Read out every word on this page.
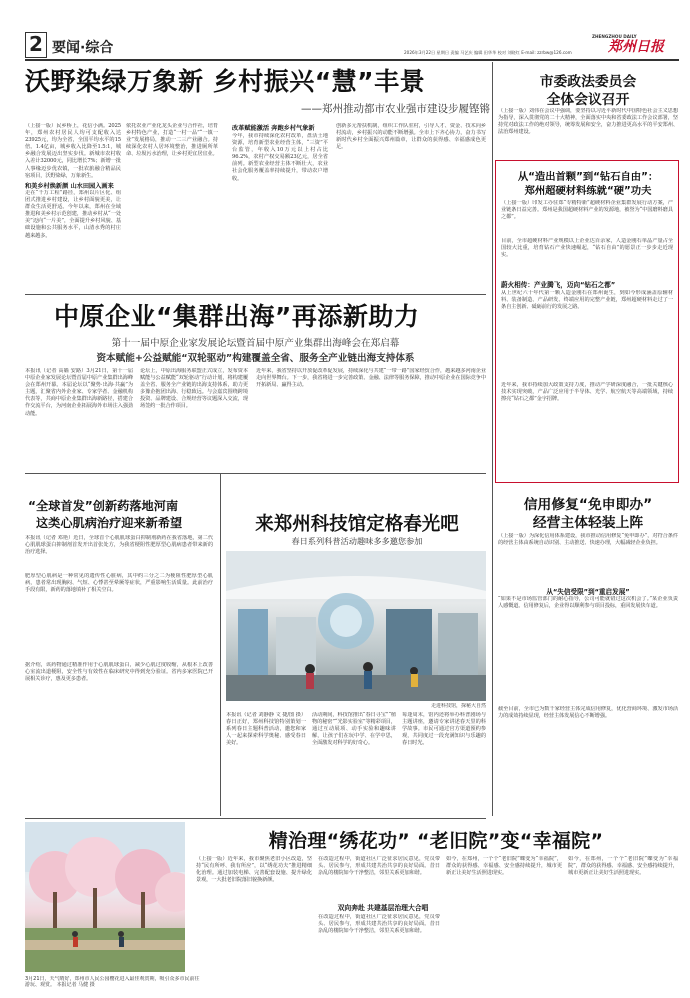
2 要闻·综合	2026年3月22日 星期日 责编 马艺庆 编辑 田华华 校对 刘晓红 E-mail: zzrbw@126.com
ZHENGZHOU DAILY
郑州日报
沃野染绿万象新 乡村振兴“慧”丰景
——郑州推动都市农业强市建设步履铿锵
（上接一版）民乡桥上，花信小满。2025年，郑州农村居民人均可支配收入达23925元，均为全省，全国平均水平的15倍。1.4亿亩，城乡收入比降至1.5:1，城乡融合发展迈出坚实步伐。新城市农村收入差计32000元，同比增长7%；新增一批人事缘迈步优农镇，一批农旅融合精品民宿项目，沃野染绿，万象新生。
和美乡村焕新颜 山水田园入画来
走在“千万工程”路径，郑州以片区化、组团式推进乡村建设，让乡村面貌更美，让群众生活更舒适。今年以来，郑州在全域推进和美乡村示范创建，推动乡村从“一处美”迈向“一片美”，全面提升乡村风貌、基础设施和公共服务水平，山清水秀的村庄越来越多。
依托农业产业化龙头企业与合作社，培育乡村特色产业，打造“一村一品”“一镇一业”发展格局，推动一二三产业融合。持续深化农村人居环境整治，推进厕所革命、垃圾污水治理，让乡村更宜居宜业。
改革赋能激活 奔跑乡村气象新
今年，我市持续深化农村改革，盘活土地资源，培育新型农业经营主体，“三资”平台监管，年收入10万元以上村占比96.2%，农村产权交易额23亿元，居全省前列。新型农业经营主体不断壮大，农业社会化服务覆盖率持续提升，带动农户增收。
创新多元帮扶机制，组织工作队驻村，引导人才、资金、技术向乡村流动，乡村振兴的动能不断增强。全市上下齐心协力，奋力书写新时代乡村全面振兴郑州篇章，让群众的获得感、幸福感成色更足。
中原企业“集群出海”再添新助力
第十一届中原企业家发展论坛暨首届中原产业集群出海峰会在郑启幕
资本赋能+公益赋能“双轮驱动”构建覆盖全省、服务全产业链出海支持体系
本报讯（记者 高嫱 安路）3月21日，第十一届中原企业家发展论坛暨首届中原产业集群出海峰会在郑州开幕。本届论坛以“聚势·出海·共赢”为主题，汇聚省内外企业家、专家学者、金融机构代表等，共商中原企业集群出海新路径，搭建合作交流平台，为河南企业拓展海外市场注入强劲动能。
论坛上，中原出海服务联盟正式成立，发布资本赋能与公益赋能“双轮驱动”行动计划，将构建覆盖全省、服务全产业链的出海支持体系，助力更多豫企抱团出海、行稳致远。与会嘉宾围绕跨境投资、品牌建设、合规经营等议题深入交流，现场签约一批合作项目。
近年来，我省坚持以开放促改革促发展，持续深化与共建“一带一路”国家经贸合作，越来越多河南企业走向世界舞台。下一步，我省将进一步完善政策、金融、法律等服务保障，推动中原企业在国际竞争中开拓新局、赢得主动。
“全球首发”创新药落地河南
这类心肌病治疗迎来新希望
本报讯（记者 邓艳）近日，全球首个心肌肌球蛋白抑制剂新药在我省落地，第二代心肌肌球蛋白抑制剂首发开出首张处方，为我省梗阻性肥厚型心肌病患者带来新的治疗选择。
肥厚型心肌病是一种常见的遗传性心脏病，其中约三分之二为梗阻性肥厚型心肌病，患者常出现胸闷、气短、心悸甚至晕厥等症状，严重影响生活质量。此前治疗手段有限，新药的落地填补了相关空白。
据介绍，该药物通过精准作用于心肌肌球蛋白，减少心肌过度收缩，从根本上改善心室流出道梗阻，安全性与有效性在临床研究中得到充分验证。省内多家医院已开展相关诊疗，惠及更多患者。
来郑州科技馆定格春光吧
春日系列科普活动趣味多多邀您参加
走进科技馆，探秘大自然
本报讯（记者 刘静静 文 捷/图 摄）春日正好，郑州科技馆特别策划一系列春日主题科普活动，邀您和家人一起来探索科学奥秘、感受春日美好。
活动期间，科技馆推出“春日寻宝”“植物的秘密”“光影实验室”等精彩项目，通过互动展项、动手实验和趣味讲解，让孩子们在玩中学、在学中思，全面激发对科学的好奇心。
每逢周末，馆内还将举办科普剧场与主题讲座，邀请专家讲述春天里的科学故事。市民可通过官方渠道预约参观，共同度过一段充满知识与乐趣的春日时光。
市委政法委员会
全体会议召开
（上接一版）刘伟在会议中强调，要坚持以习近平新时代中国特色社会主义思想为指导，深入贯彻党的二十大精神，全面落实中央和省委政法工作会议部署，坚持党对政法工作的绝对领导，统筹发展和安全，奋力推进更高水平的平安郑州、法治郑州建设。
从“造出首颗”到“钻石自由”：
郑州超硬材料练就“硬”功夫
（上接一版）印发工办驻郑“专精特新”超硬材料企业集群发展行动方案，产业链条日益完善。郑州是我国超硬材料产业的发源地，被誉为“中国磨料磨具之都”。
目前，全市超硬材料产业规模以上企业达百余家，人造金刚石单晶产量占全国较大比重，培育钻石产业快速崛起，“钻石自由”的愿景正一步步走近现实。
蔚火相传：产业腾飞，迈向“钻石之都”
从上世纪六十年代第一颗人造金刚石在郑州诞生，到如今形成涵盖原辅材料、装备制造、产品研发、终端应用的完整产业链，郑州超硬材料走过了一条自主创新、砥砺前行的发展之路。
近年来，我市持续加大政策支持力度，推动产学研深度融合，一批关键核心技术实现突破，产品广泛应用于半导体、光学、航空航天等高端领域，持续擦亮“钻石之都”金字招牌。
信用修复“免申即办”
经营主体轻装上阵
（上接一版）为深化信用体系建设，我市推动信用修复“免申即办”，对符合条件的经营主体由系统自动识别、主动推送、快速办理，大幅减轻企业负担。
从“失信受限”到“重启发展”
“如果不是市场监管部门的耐心指导，公司可能就错过这次机会了。”某企业负责人感慨道。信用修复后，企业得以顺利参与项目投标，重回发展快车道。
截至目前，全市已为数千家经营主体完成信用修复，优化营商环境、激发市场活力的成效持续显现，经营主体发展信心不断增强。
3月21日，天气晴好，郑州市人民公园樱花进入最佳观赏期，吸引众多市民前往游玩、观赏。 本报记者 马健 摄
精治理“绣花功” “老旧院”变“幸福院”
（上接一版）近年来，我市聚焦老旧小区改造，坚持“民有所呼、我有所应”，以“绣花功夫”推进精细化治理。通过加装电梯、完善配套设施、提升绿化景观，一大批老旧院落旧貌换新颜。
双向奔赴 共建基层治理大合唱
在改造过程中，街道社区广泛征求居民意见，党员带头、居民参与，形成共建共治共享的良好局面。昔日杂乱的楼院如今干净整洁，邻里关系更加和谐。
在改造过程中，街道社区广泛征求居民意见，党员带头、居民参与，形成共建共治共享的良好局面。昔日杂乱的楼院如今干净整洁，邻里关系更加和谐。
如今，在郑州，一个个“老旧院”蝶变为“幸福院”，群众的获得感、幸福感、安全感持续提升，城市更新正让美好生活照进现实。
如今，在郑州，一个个“老旧院”蝶变为“幸福院”，群众的获得感、幸福感、安全感持续提升，城市更新正让美好生活照进现实。
